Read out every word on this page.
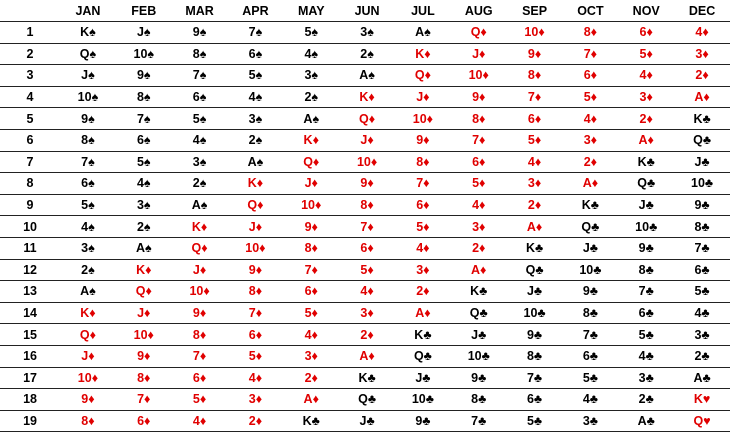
	JAN	FEB	MAR	APR	MAY	JUN	JUL	AUG	SEP	OCT	NOV	DEC
1	K♠	J♠	9♠	7♠	5♠	3♠	A♠	Q♦	10♦	8♦	6♦	4♦
2	Q♠	10♠	8♠	6♠	4♠	2♠	K♦	J♦	9♦	7♦	5♦	3♦
3	J♠	9♠	7♠	5♠	3♠	A♠	Q♦	10♦	8♦	6♦	4♦	2♦
4	10♠	8♠	6♠	4♠	2♠	K♦	J♦	9♦	7♦	5♦	3♦	A♦
5	9♠	7♠	5♠	3♠	A♠	Q♦	10♦	8♦	6♦	4♦	2♦	K♣
6	8♠	6♠	4♠	2♠	K♦	J♦	9♦	7♦	5♦	3♦	A♦	Q♣
7	7♠	5♠	3♠	A♠	Q♦	10♦	8♦	6♦	4♦	2♦	K♣	J♣
8	6♠	4♠	2♠	K♦	J♦	9♦	7♦	5♦	3♦	A♦	Q♣	10♣
9	5♠	3♠	A♠	Q♦	10♦	8♦	6♦	4♦	2♦	K♣	J♣	9♣
10	4♠	2♠	K♦	J♦	9♦	7♦	5♦	3♦	A♦	Q♣	10♣	8♣
11	3♠	A♠	Q♦	10♦	8♦	6♦	4♦	2♦	K♣	J♣	9♣	7♣
12	2♠	K♦	J♦	9♦	7♦	5♦	3♦	A♦	Q♣	10♣	8♣	6♣
13	A♠	Q♦	10♦	8♦	6♦	4♦	2♦	K♣	J♣	9♣	7♣	5♣
14	K♦	J♦	9♦	7♦	5♦	3♦	A♦	Q♣	10♣	8♣	6♣	4♣
15	Q♦	10♦	8♦	6♦	4♦	2♦	K♣	J♣	9♣	7♣	5♣	3♣
16	J♦	9♦	7♦	5♦	3♦	A♦	Q♣	10♣	8♣	6♣	4♣	2♣
17	10♦	8♦	6♦	4♦	2♦	K♣	J♣	9♣	7♣	5♣	3♣	A♣
18	9♦	7♦	5♦	3♦	A♦	Q♣	10♣	8♣	6♣	4♣	2♣	K♥
19	8♦	6♦	4♦	2♦	K♣	J♣	9♣	7♣	5♣	3♣	A♣	Q♥
